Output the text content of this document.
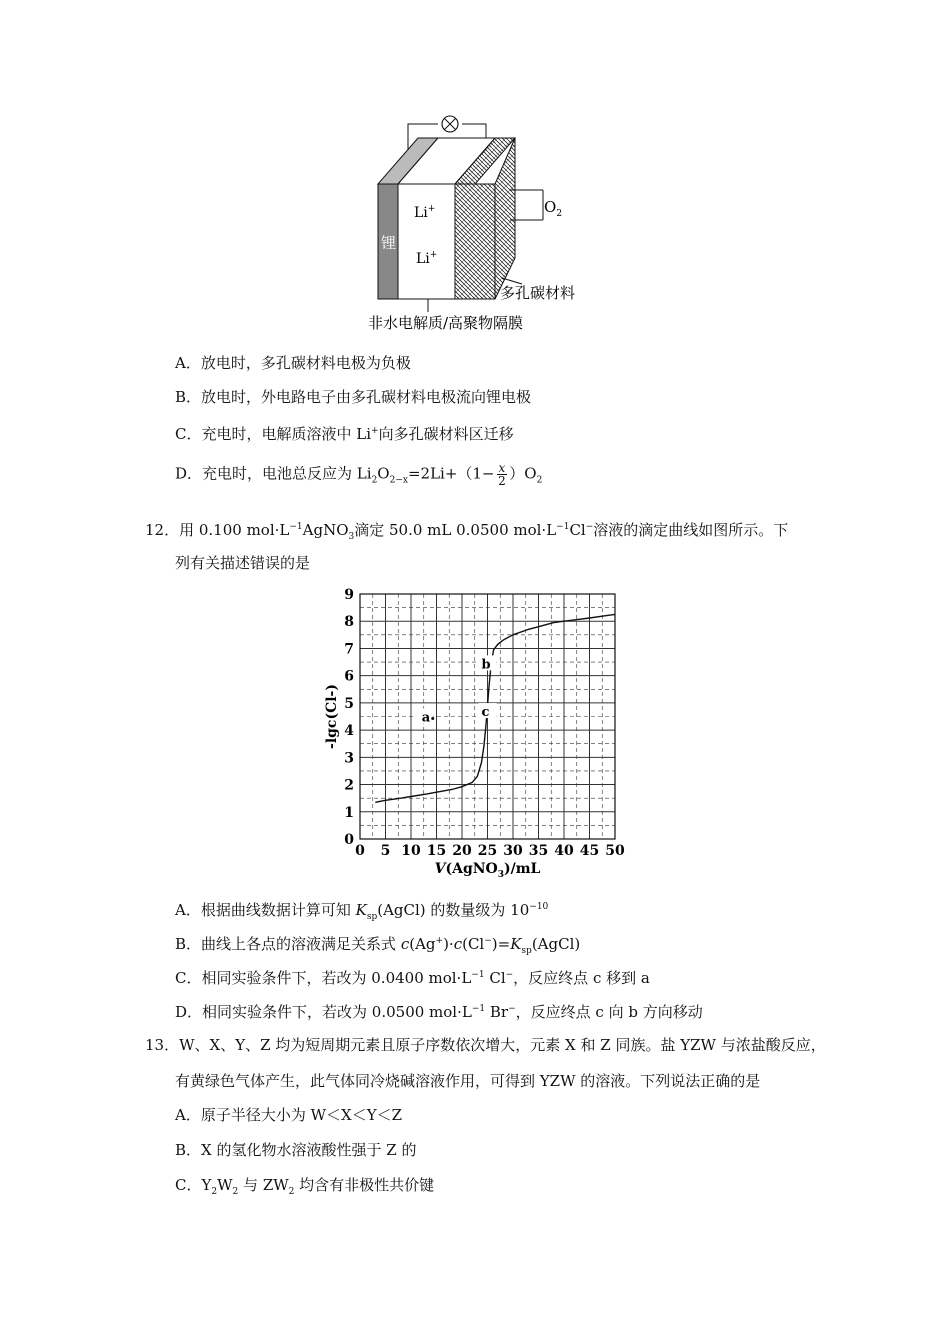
锂
Li+
Li+
$O_2$
多孔碳材料
非水电解质/高聚物隔膜
A．放电时，多孔碳材料电极为负极
B．放电时，外电路电子由多孔碳材料电极流向锂电极
C．充电时，电解质溶液中 Li+向多孔碳材料区迁移
D．充电时，电池总反应为 $Li_2O_{2-x}=2Li+(1- \frac{x}{2} )O_2$
12．用 0.100 $mol\cdot L^{-1}AgNO_3$滴定 50.0 mL 0.0500 $mol\cdot L^{-1}Cl^-$溶液的滴定曲线如图所示。下
列有关描述错误的是
0 5 10 15 20 25 30 35 40 45 50
0
1
2
3
4
5
6
7
8
9
V(AgNO$_3$)/mL
-lgc(Cl-)	a
b
c
A．根据曲线数据计算可知 $K_{sp}(AgCl)$ 的数量级为 $10^{-10}$
B．曲线上各点的溶液满足关系式 $c(Ag^+)\cdot c(Cl^-)=K_{sp}(AgCl)$
C．相同实验条件下，若改为 0.0400 $mol\cdot L^{-1}$ Cl−，反应终点 c 移到 a
D．相同实验条件下，若改为 0.0500 $mol\cdot L^{-1}$ Br−，反应终点 c 向 b 方向移动
13．W、X、Y、Z 均为短周期元素且原子序数依次增大，元素 X 和 Z 同族。盐 YZW 与浓盐酸反应，
有黄绿色气体产生，此气体同冷烧碱溶液作用，可得到 YZW 的溶液。下列说法正确的是
A．原子半径大小为 W＜X＜Y＜Z
B．X 的氢化物水溶液酸性强于 Z 的
C．$Y_2W_2$ 与 $ZW_2$ 均含有非极性共价键
